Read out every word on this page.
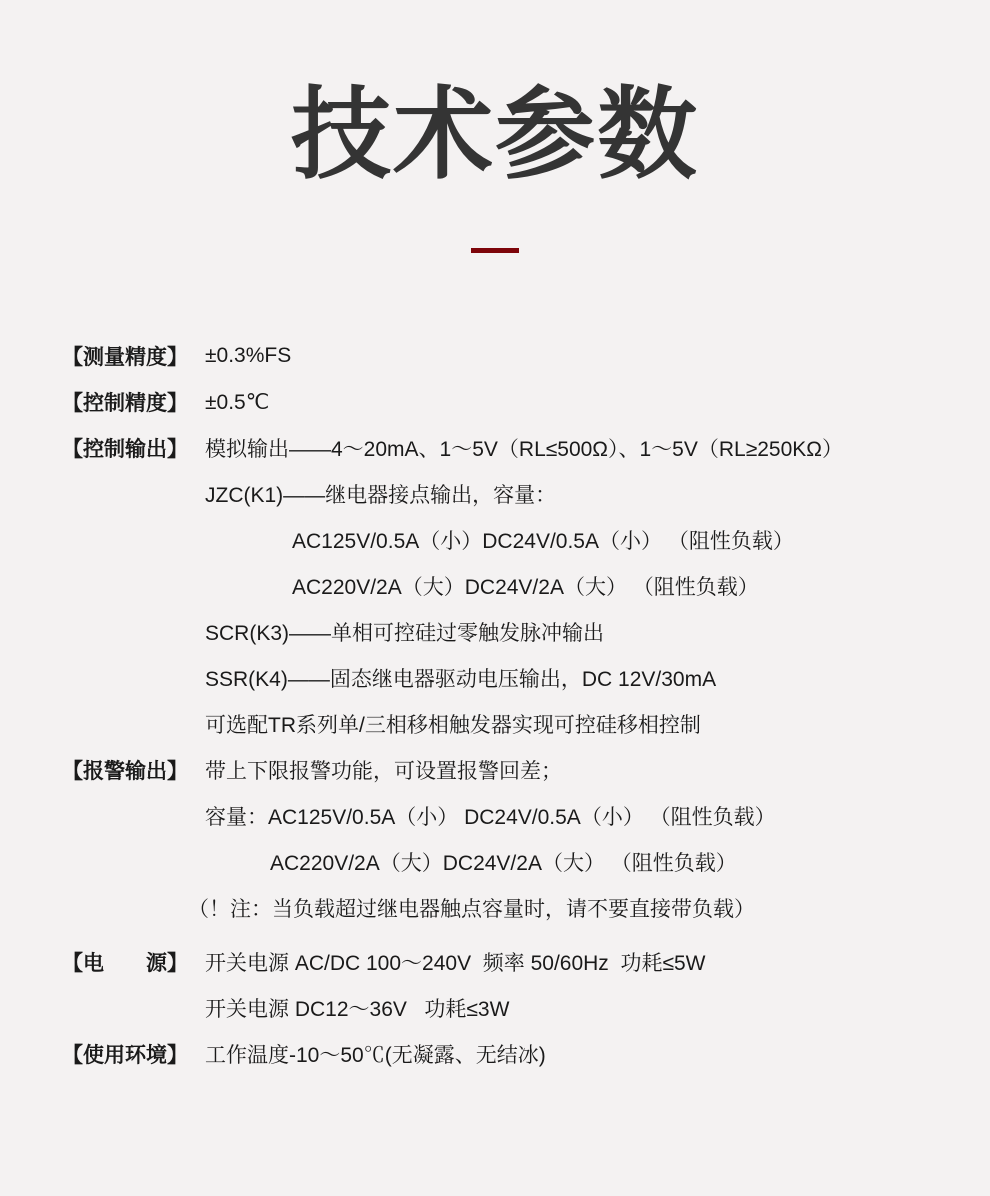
技术参数
【测量精度】 ±0.3%FS
【控制精度】 ±0.5℃
【控制输出】 模拟输出——4～20mA、1～5V（RL≤500Ω）、1～5V（RL≥250KΩ）
JZC(K1)——继电器接点输出，容量：
AC125V/0.5A（小）DC24V/0.5A（小） （阻性负载）
AC220V/2A（大）DC24V/2A（大） （阻性负载）
SCR(K3)——单相可控硅过零触发脉冲输出
SSR(K4)——固态继电器驱动电压输出，DC 12V/30mA
可选配TR系列单/三相移相触发器实现可控硅移相控制
【报警输出】 带上下限报警功能，可设置报警回差；
容量：AC125V/0.5A（小） DC24V/0.5A（小） （阻性负载）
AC220V/2A（大）DC24V/2A（大） （阻性负载）
（！注：当负载超过继电器触点容量时，请不要直接带负载）
【电　　源】 开关电源 AC/DC 100～240V  频率 50/60Hz  功耗≤5W
开关电源 DC12～36V   功耗≤3W
【使用环境】 工作温度-10～50℃(无凝露、无结冰)
